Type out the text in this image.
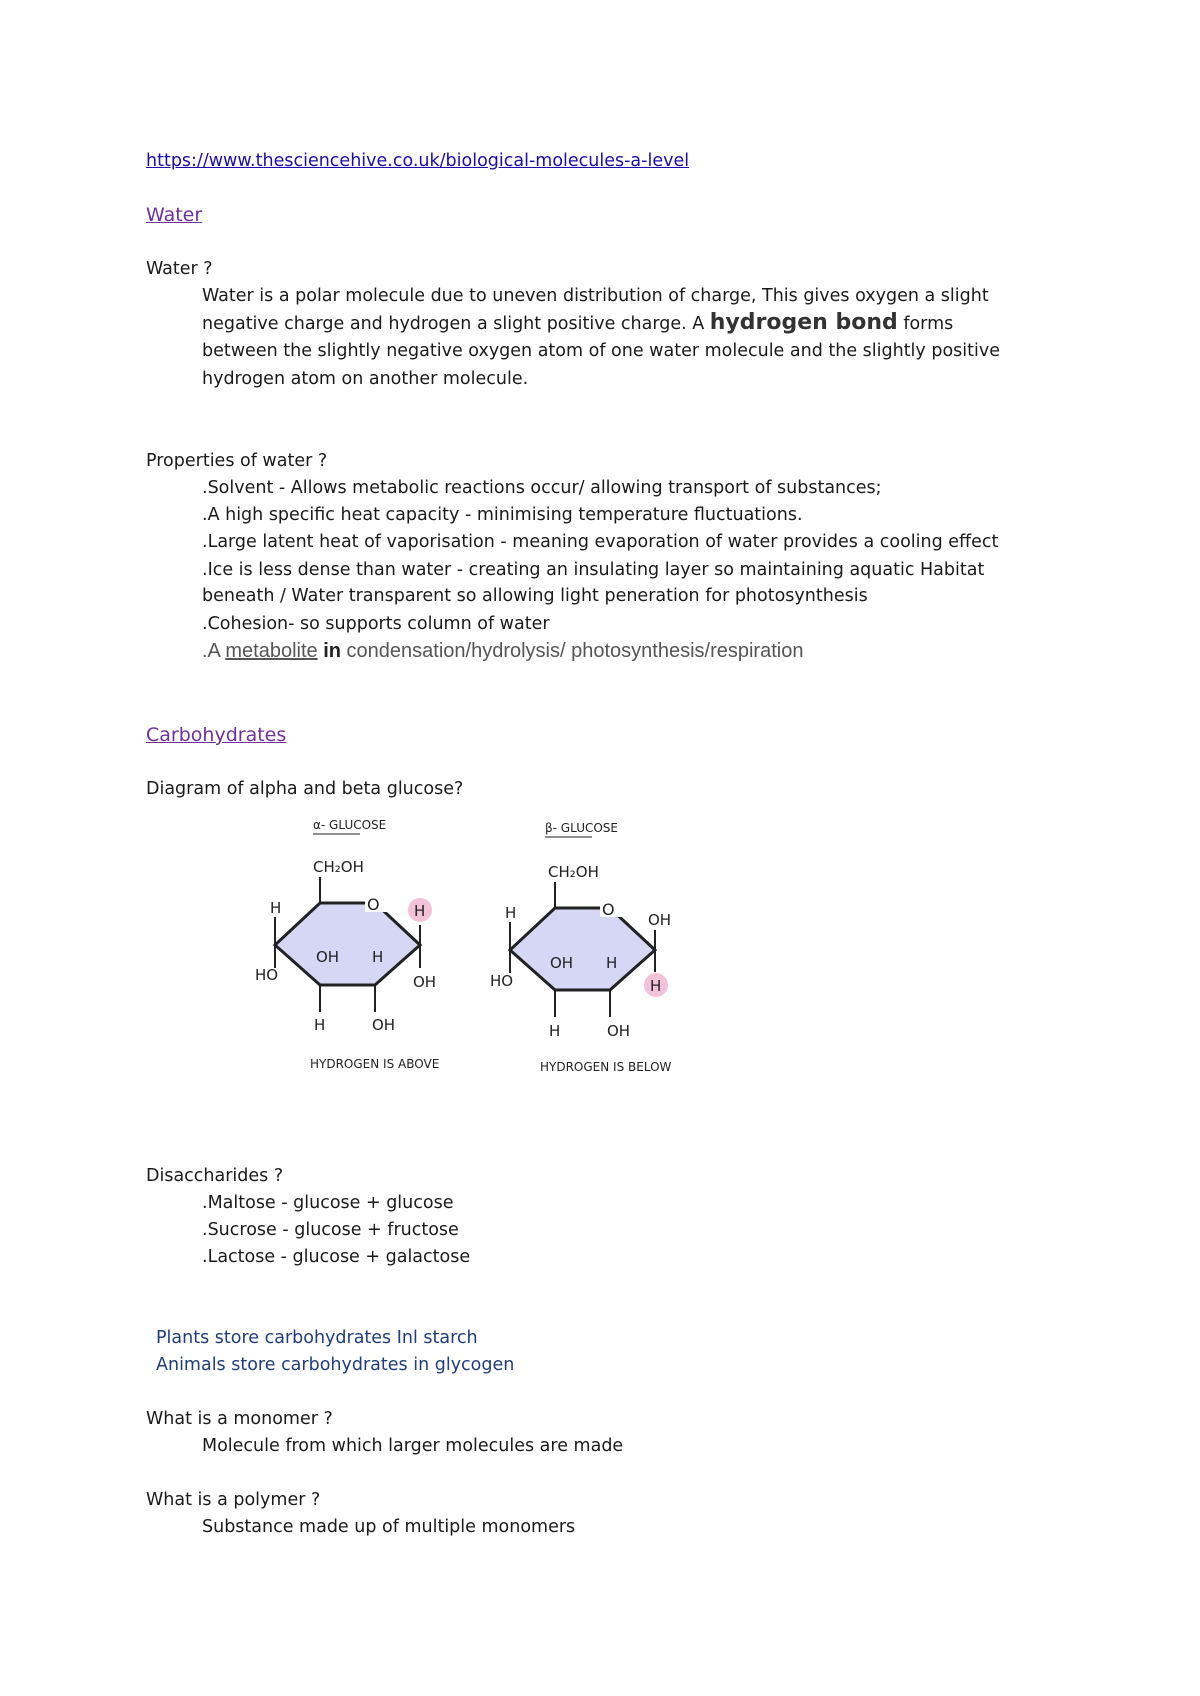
https://www.thesciencehive.co.uk/biological-molecules-a-level
Water
Water ?
Water is a polar molecule due to uneven distribution of charge, This gives oxygen a slight
negative charge and hydrogen a slight positive charge. A hydrogen bond forms
between the slightly negative oxygen atom of one water molecule and the slightly positive
hydrogen atom on another molecule.
Properties of water ?
.Solvent - Allows metabolic reactions occur/ allowing transport of substances;
.A high specific heat capacity - minimising temperature fluctuations.
.Large latent heat of vaporisation - meaning evaporation of water provides a cooling effect
.Ice is less dense than water - creating an insulating layer so maintaining aquatic Habitat
beneath / Water transparent so allowing light peneration for photosynthesis
.Cohesion- so supports column of water
.A metabolite in condensation/hydrolysis/ photosynthesis/respiration
Carbohydrates
Diagram of alpha and beta glucose?
α- GLUCOSE
O
CH₂OH
H
HO
H
OH
OH H
H	OH
HYDROGEN IS ABOVE
β- GLUCOSE
O
CH₂OH
H
HO
OH
H
OH H
H	OH
HYDROGEN IS BELOW
Disaccharides ?
.Maltose - glucose + glucose
.Sucrose - glucose + fructose
.Lactose - glucose + galactose
Plants store carbohydrates Inl starch
Animals store carbohydrates in glycogen
What is a monomer ?
Molecule from which larger molecules are made
What is a polymer ?
Substance made up of multiple monomers
